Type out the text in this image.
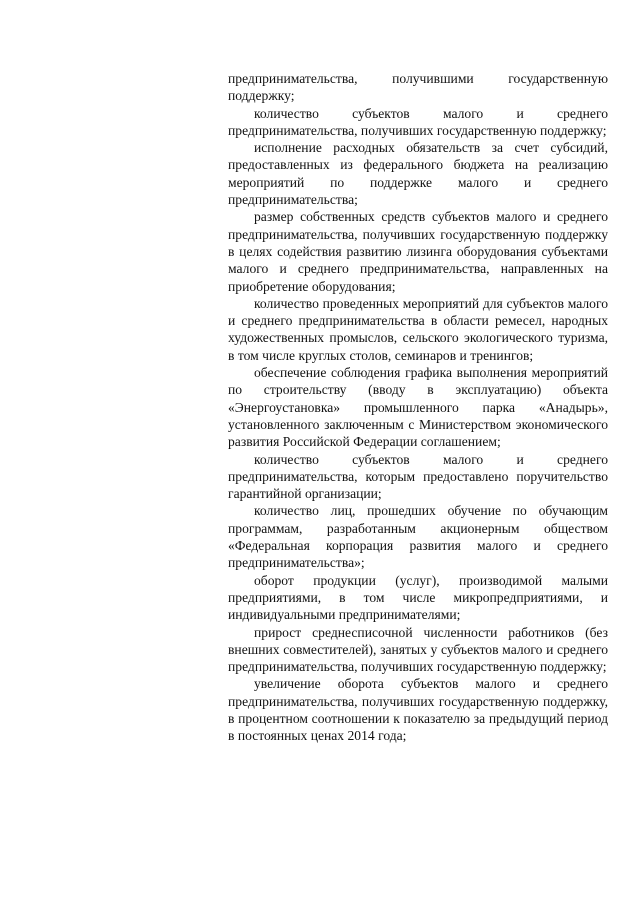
предпринимательства, получившими государственную поддержку;

количество субъектов малого и среднего предпринимательства, получивших государственную поддержку;

исполнение расходных обязательств за счет субсидий, предоставленных из федерального бюджета на реализацию мероприятий по поддержке малого и среднего предпринимательства;

размер собственных средств субъектов малого и среднего предпринимательства, получивших государственную поддержку в целях содействия развитию лизинга оборудования субъектами малого и среднего предпринимательства, направленных на приобретение оборудования;

количество проведенных мероприятий для субъектов малого и среднего предпринимательства в области ремесел, народных художественных промыслов, сельского экологического туризма, в том числе круглых столов, семинаров и тренингов;

обеспечение соблюдения графика выполнения мероприятий по строительству (вводу в эксплуатацию) объекта «Энергоустановка» промышленного парка «Анадырь», установленного заключенным с Министерством экономического развития Российской Федерации соглашением;

количество субъектов малого и среднего предпринимательства, которым предоставлено поручительство гарантийной организации;

количество лиц, прошедших обучение по обучающим программам, разработанным акционерным обществом «Федеральная корпорация развития малого и среднего предпринимательства»;

оборот продукции (услуг), производимой малыми предприятиями, в том числе микропредприятиями, и индивидуальными предпринимателями;

прирост среднесписочной численности работников (без внешних совместителей), занятых у субъектов малого и среднего предпринимательства, получивших государственную поддержку;

увеличение оборота субъектов малого и среднего предпринимательства, получивших государственную поддержку, в процентном соотношении к показателю за предыдущий период в постоянных ценах 2014 года;
